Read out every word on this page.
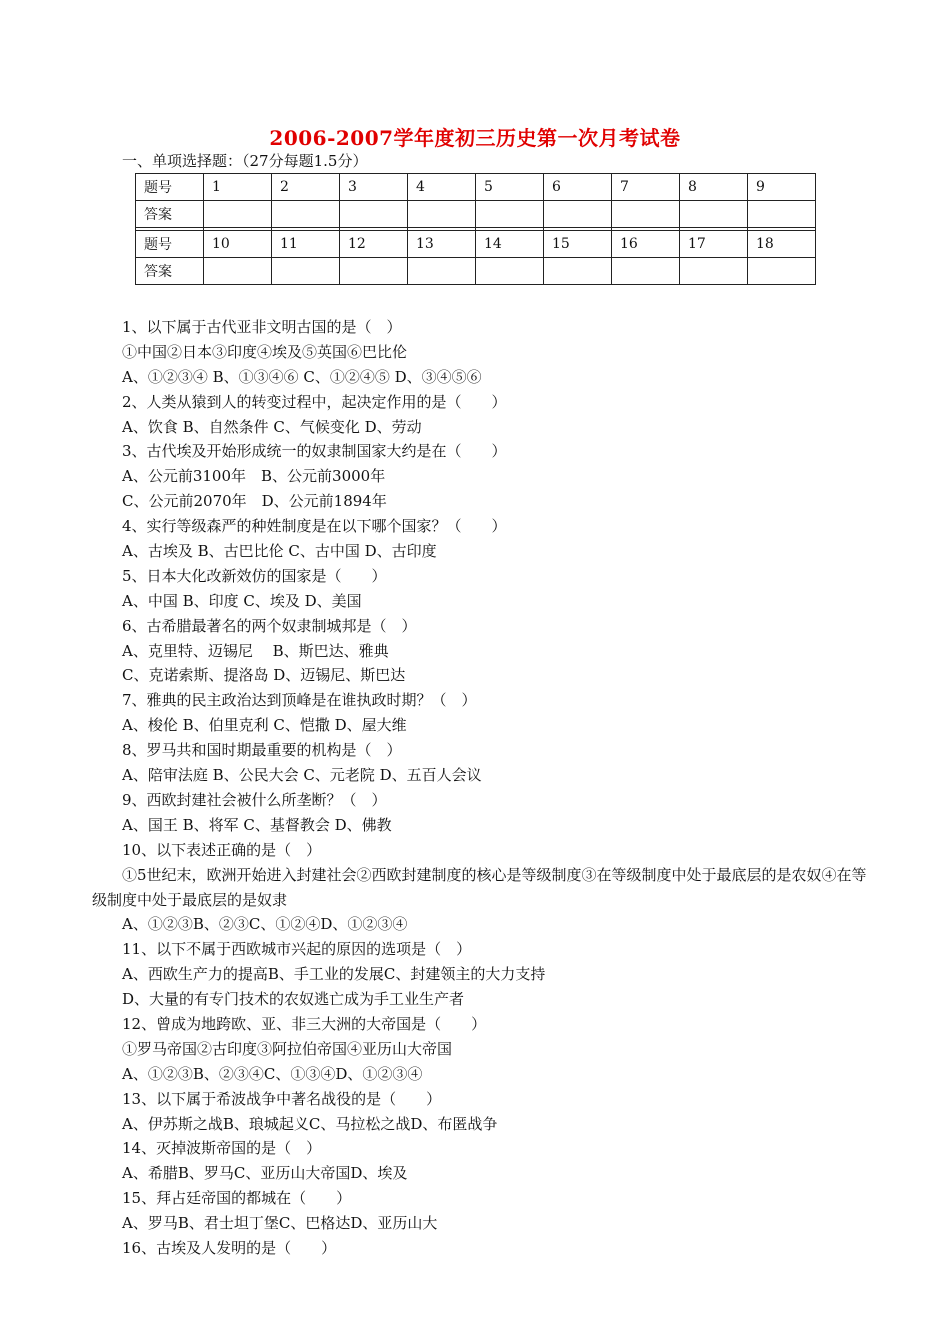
2006-2007学年度初三历史第一次月考试卷
一、单项选择题：（27分每题1.5分）
题号	1	2	3	4	5	6	7	8	9
答案									

题号	10	11	12	13	14	15	16	17	18
答案									
1、以下属于古代亚非文明古国的是（　）
①中国②日本③印度④埃及⑤英国⑥巴比伦
A、①②③④ B、①③④⑥ C、①②④⑤ D、③④⑤⑥
2、人类从猿到人的转变过程中，起决定作用的是（　　）
A、饮食 B、自然条件 C、气候变化 D、劳动
3、古代埃及开始形成统一的奴隶制国家大约是在（　　）
A、公元前3100年　B、公元前3000年
C、公元前2070年　D、公元前1894年
4、实行等级森严的种姓制度是在以下哪个国家？（　　）
A、古埃及 B、古巴比伦 C、古中国 D、古印度
5、日本大化改新效仿的国家是（　　）
A、中国 B、印度 C、埃及 D、美国
6、古希腊最著名的两个奴隶制城邦是（　）
A、克里特、迈锡尼　 B、斯巴达、雅典
C、克诺索斯、提洛岛 D、迈锡尼、斯巴达
7、雅典的民主政治达到顶峰是在谁执政时期？（　）
A、梭伦 B、伯里克利 C、恺撒 D、屋大维
8、罗马共和国时期最重要的机构是（　）
A、陪审法庭 B、公民大会 C、元老院 D、五百人会议
9、西欧封建社会被什么所垄断？（　）
A、国王 B、将军 C、基督教会 D、佛教
10、以下表述正确的是（　）
①5世纪末，欧洲开始进入封建社会②西欧封建制度的核心是等级制度③在等级制度中处于最底层的是农奴④在等级制度中处于最底层的是奴隶
A、①②③B、②③C、①②④D、①②③④
11、以下不属于西欧城市兴起的原因的选项是（　）
A、西欧生产力的提高B、手工业的发展C、封建领主的大力支持
D、大量的有专门技术的农奴逃亡成为手工业生产者
12、曾成为地跨欧、亚、非三大洲的大帝国是（　　）
①罗马帝国②古印度③阿拉伯帝国④亚历山大帝国
A、①②③B、②③④C、①③④D、①②③④
13、以下属于希波战争中著名战役的是（　　）
A、伊苏斯之战B、琅城起义C、马拉松之战D、布匿战争
14、灭掉波斯帝国的是（　）
A、希腊B、罗马C、亚历山大帝国D、埃及
15、拜占廷帝国的都城在（　　）
A、罗马B、君士坦丁堡C、巴格达D、亚历山大
16、古埃及人发明的是（　　）
